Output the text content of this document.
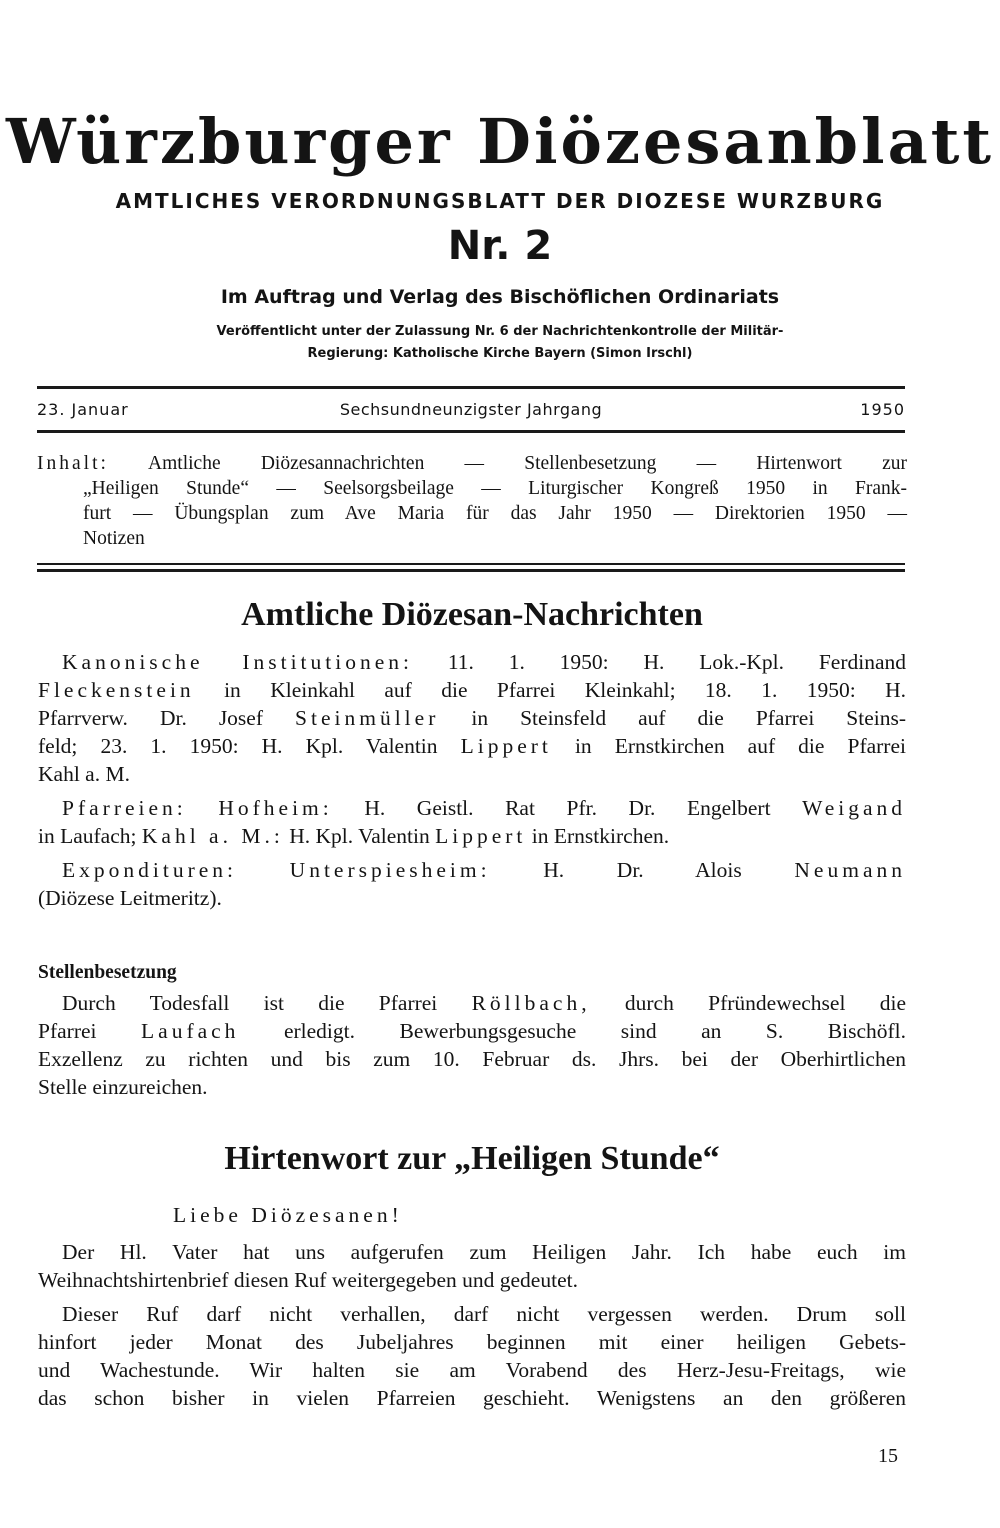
Würzburger Diözesanblatt
AMTLICHES VERORDNUNGSBLATT DER DIOZESE WURZBURG
Nr. 2
Im Auftrag und Verlag des Bischöflichen Ordinariats
Veröffentlicht unter der Zulassung Nr. 6 der Nachrichtenkontrolle der Militär-
Regierung: Katholische Kirche Bayern (Simon Irschl)
23. Januar	Sechsundneunzigster Jahrgang	1950
Inhalt: Amtliche Diözesannachrichten — Stellenbesetzung — Hirtenwort zur
„Heiligen Stunde“ — Seelsorgsbeilage — Liturgischer Kongreß 1950 in Frank-
furt — Übungsplan zum Ave Maria für das Jahr 1950 — Direktorien 1950 —
Notizen
Amtliche Diözesan-Nachrichten
Kanonische Institutionen: 11. 1. 1950: H. Lok.-Kpl. Ferdinand
Fleckenstein in Kleinkahl auf die Pfarrei Kleinkahl; 18. 1. 1950: H.
Pfarrverw. Dr. Josef Steinmüller in Steinsfeld auf die Pfarrei Steins-
feld; 23. 1. 1950: H. Kpl. Valentin Lippert in Ernstkirchen auf die Pfarrei
Kahl a. M.
Pfarreien: Hofheim: H. Geistl. Rat Pfr. Dr. Engelbert Weigand
in Laufach; Kahl a. M.: H. Kpl. Valentin Lippert in Ernstkirchen.
Expondituren: Unterspiesheim: H. Dr. Alois Neumann
(Diözese Leitmeritz).
Stellenbesetzung
Durch Todesfall ist die Pfarrei Röllbach, durch Pfründewechsel die
Pfarrei Laufach erledigt. Bewerbungsgesuche sind an S. Bischöfl.
Exzellenz zu richten und bis zum 10. Februar ds. Jhrs. bei der Oberhirtlichen
Stelle einzureichen.
Hirtenwort zur „Heiligen Stunde“
Liebe Diözesanen!
Der Hl. Vater hat uns aufgerufen zum Heiligen Jahr. Ich habe euch im
Weihnachtshirtenbrief diesen Ruf weitergegeben und gedeutet.
Dieser Ruf darf nicht verhallen, darf nicht vergessen werden. Drum soll
hinfort jeder Monat des Jubeljahres beginnen mit einer heiligen Gebets-
und Wachestunde. Wir halten sie am Vorabend des Herz-Jesu-Freitags, wie
das schon bisher in vielen Pfarreien geschieht. Wenigstens an den größeren
15
